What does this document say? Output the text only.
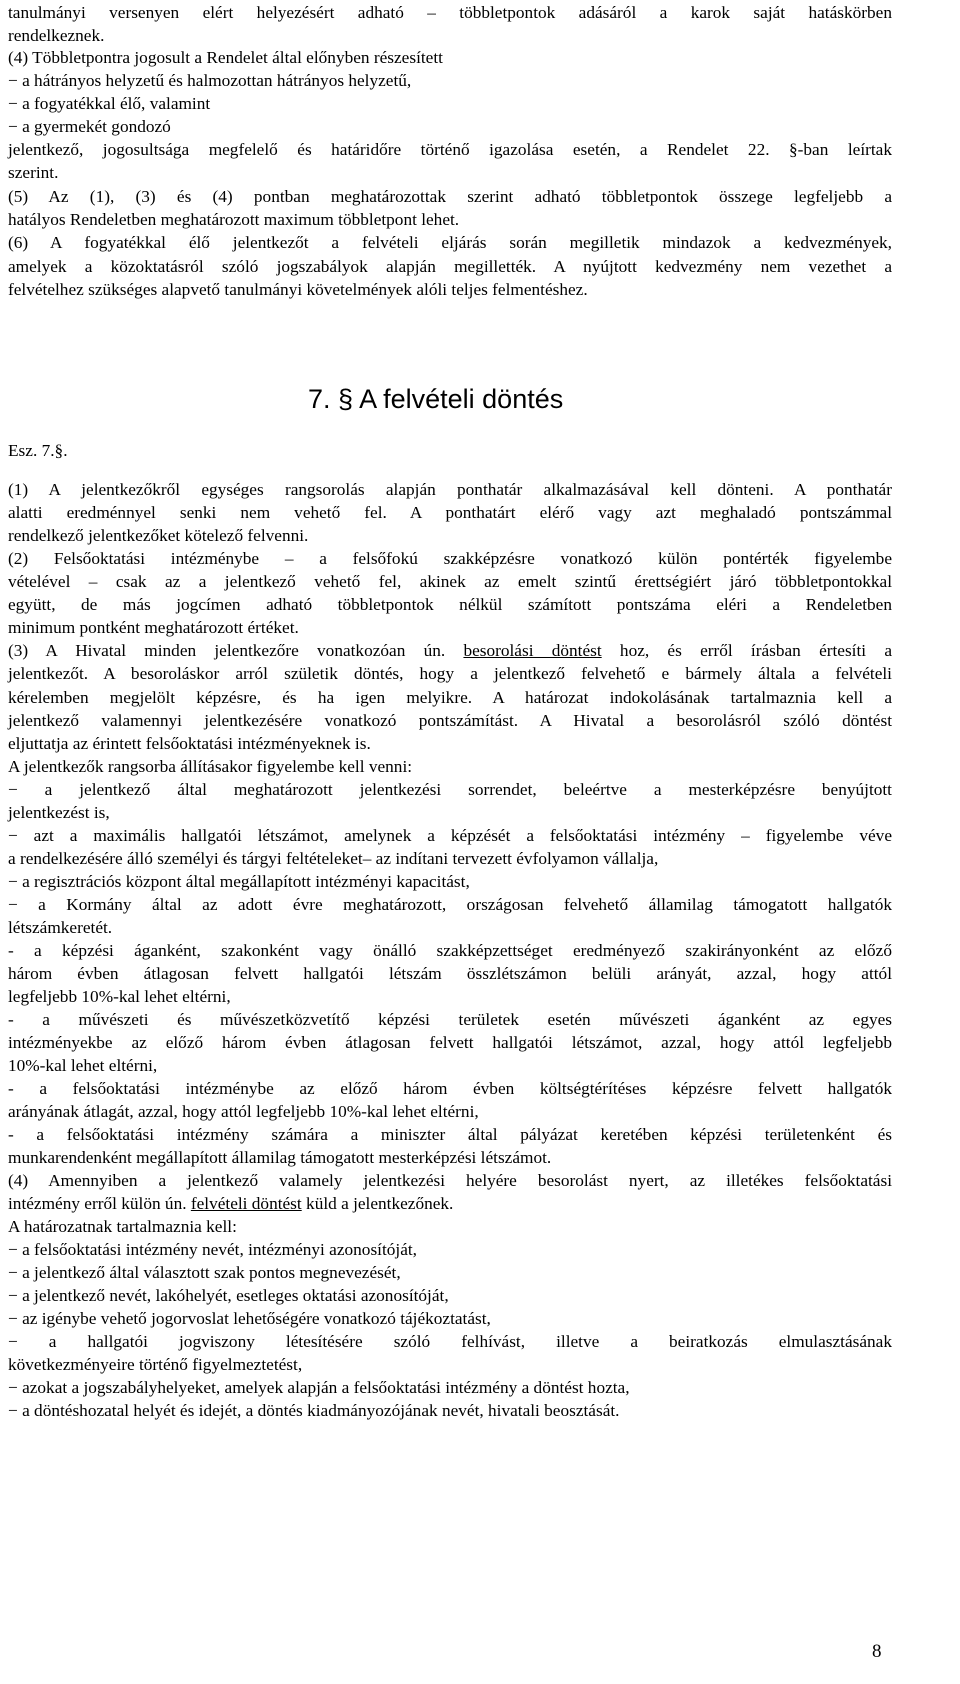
tanulmányi versenyen elért helyezésért adható – többletpontok adásáról a karok saját hatáskörben
rendelkeznek.
(4) Többletpontra jogosult a Rendelet által előnyben részesített
− a hátrányos helyzetű és halmozottan hátrányos helyzetű,
− a fogyatékkal élő, valamint
− a gyermekét gondozó
jelentkező, jogosultsága megfelelő és határidőre történő igazolása esetén, a Rendelet 22. §-ban leírtak
szerint.
(5) Az (1), (3) és (4) pontban meghatározottak szerint adható többletpontok összege legfeljebb a
hatályos Rendeletben meghatározott maximum többletpont lehet.
(6) A fogyatékkal élő jelentkezőt a felvételi eljárás során megilletik mindazok a kedvezmények,
amelyek a közoktatásról szóló jogszabályok alapján megillették. A nyújtott kedvezmény nem vezethet a
felvételhez szükséges alapvető tanulmányi követelmények alóli teljes felmentéshez.
7. § A felvételi döntés
Esz. 7.§.
(1) A jelentkezőkről egységes rangsorolás alapján ponthatár alkalmazásával kell dönteni. A ponthatár
alatti eredménnyel senki nem vehető fel. A ponthatárt elérő vagy azt meghaladó pontszámmal
rendelkező jelentkezőket kötelező felvenni.
(2) Felsőoktatási intézménybe – a felsőfokú szakképzésre vonatkozó külön pontérték figyelembe
vételével – csak az a jelentkező vehető fel, akinek az emelt szintű érettségiért járó többletpontokkal
együtt, de más jogcímen adható többletpontok nélkül számított pontszáma eléri a Rendeletben
minimum pontként meghatározott értéket.
(3) A Hivatal minden jelentkezőre vonatkozóan ún. besorolási döntést hoz, és erről írásban értesíti a
jelentkezőt. A besoroláskor arról születik döntés, hogy a jelentkező felvehető e bármely általa a felvételi
kérelemben megjelölt képzésre, és ha igen melyikre. A határozat indokolásának tartalmaznia kell a
jelentkező valamennyi jelentkezésére vonatkozó pontszámítást. A Hivatal a besorolásról szóló döntést
eljuttatja az érintett felsőoktatási intézményeknek is.
A jelentkezők rangsorba állításakor figyelembe kell venni:
− a jelentkező által meghatározott jelentkezési sorrendet, beleértve a mesterképzésre benyújtott
jelentkezést is,
− azt a maximális hallgatói létszámot, amelynek a képzését a felsőoktatási intézmény – figyelembe véve
a rendelkezésére álló személyi és tárgyi feltételeket– az indítani tervezett évfolyamon vállalja,
− a regisztrációs központ által megállapított intézményi kapacitást,
− a Kormány által az adott évre meghatározott, országosan felvehető államilag támogatott hallgatók
létszámkeretét.
- a képzési áganként, szakonként vagy önálló szakképzettséget eredményező szakirányonként az előző
három évben átlagosan felvett hallgatói létszám összlétszámon belüli arányát, azzal, hogy attól
legfeljebb 10%-kal lehet eltérni,
- a művészeti és művészetközvetítő képzési területek esetén művészeti áganként az egyes
intézményekbe az előző három évben átlagosan felvett hallgatói létszámot, azzal, hogy attól legfeljebb
10%-kal lehet eltérni,
- a felsőoktatási intézménybe az előző három évben költségtérítéses képzésre felvett hallgatók
arányának átlagát, azzal, hogy attól legfeljebb 10%-kal lehet eltérni,
- a felsőoktatási intézmény számára a miniszter által pályázat keretében képzési területenként és
munkarendenként megállapított államilag támogatott mesterképzési létszámot.
(4) Amennyiben a jelentkező valamely jelentkezési helyére besorolást nyert, az illetékes felsőoktatási
intézmény erről külön ún. felvételi döntést küld a jelentkezőnek.
A határozatnak tartalmaznia kell:
− a felsőoktatási intézmény nevét, intézményi azonosítóját,
− a jelentkező által választott szak pontos megnevezését,
− a jelentkező nevét, lakóhelyét, esetleges oktatási azonosítóját,
− az igénybe vehető jogorvoslat lehetőségére vonatkozó tájékoztatást,
− a hallgatói jogviszony létesítésére szóló felhívást, illetve a beiratkozás elmulasztásának
következményeire történő figyelmeztetést,
− azokat a jogszabályhelyeket, amelyek alapján a felsőoktatási intézmény a döntést hozta,
− a döntéshozatal helyét és idejét, a döntés kiadmányozójának nevét, hivatali beosztását.
8
